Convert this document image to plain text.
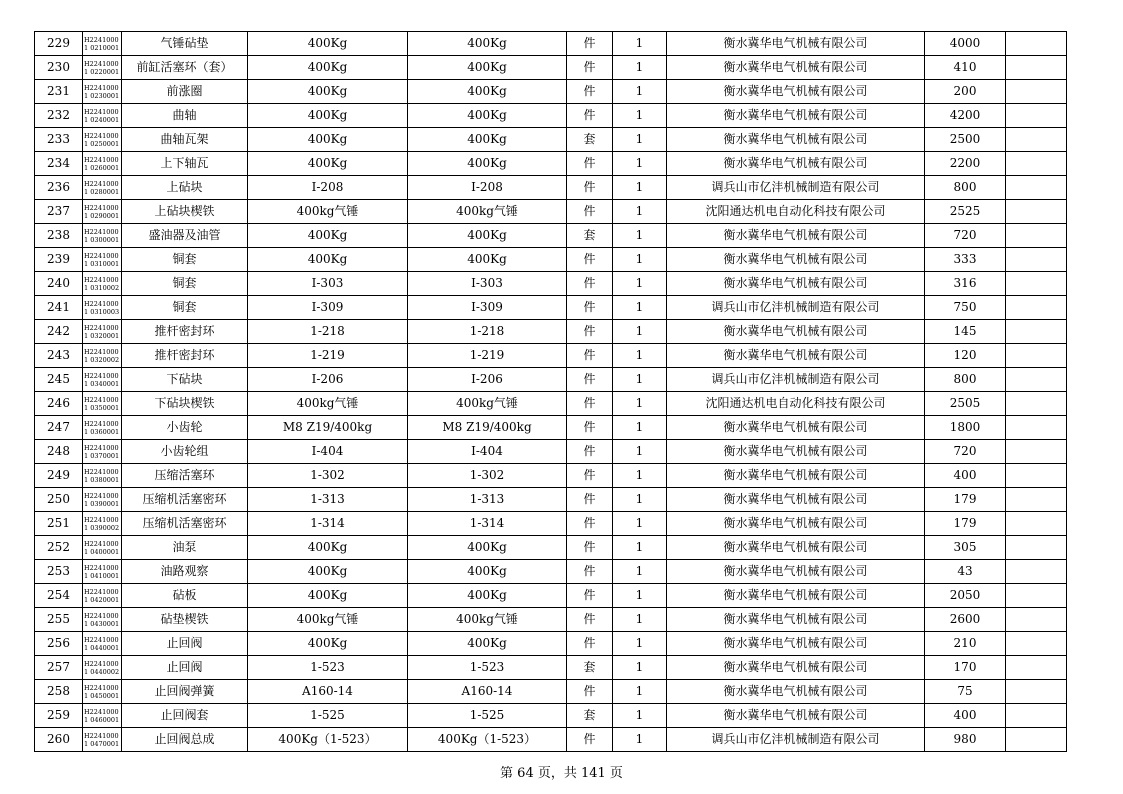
229	H22410001 0210001	气锤砧垫	400Kg	400Kg	件	1	衡水冀华电气机械有限公司	4000	
230	H22410001 0220001	前缸活塞环（套）	400Kg	400Kg	件	1	衡水冀华电气机械有限公司	410	
231	H22410001 0230001	前涨圈	400Kg	400Kg	件	1	衡水冀华电气机械有限公司	200	
232	H22410001 0240001	曲轴	400Kg	400Kg	件	1	衡水冀华电气机械有限公司	4200	
233	H22410001 0250001	曲轴瓦架	400Kg	400Kg	套	1	衡水冀华电气机械有限公司	2500	
234	H22410001 0260001	上下轴瓦	400Kg	400Kg	件	1	衡水冀华电气机械有限公司	2200	
236	H22410001 0280001	上砧块	I-208	I-208	件	1	调兵山市亿沣机械制造有限公司	800	
237	H22410001 0290001	上砧块楔铁	400kg气锤	400kg气锤	件	1	沈阳通达机电自动化科技有限公司	2525	
238	H22410001 0300001	盛油器及油管	400Kg	400Kg	套	1	衡水冀华电气机械有限公司	720	
239	H22410001 0310001	铜套	400Kg	400Kg	件	1	衡水冀华电气机械有限公司	333	
240	H22410001 0310002	铜套	I-303	I-303	件	1	衡水冀华电气机械有限公司	316	
241	H22410001 0310003	铜套	I-309	I-309	件	1	调兵山市亿沣机械制造有限公司	750	
242	H22410001 0320001	推杆密封环	1-218	1-218	件	1	衡水冀华电气机械有限公司	145	
243	H22410001 0320002	推杆密封环	1-219	1-219	件	1	衡水冀华电气机械有限公司	120	
245	H22410001 0340001	下砧块	I-206	I-206	件	1	调兵山市亿沣机械制造有限公司	800	
246	H22410001 0350001	下砧块楔铁	400kg气锤	400kg气锤	件	1	沈阳通达机电自动化科技有限公司	2505	
247	H22410001 0360001	小齿轮	M8 Z19/400kg	M8 Z19/400kg	件	1	衡水冀华电气机械有限公司	1800	
248	H22410001 0370001	小齿轮组	I-404	I-404	件	1	衡水冀华电气机械有限公司	720	
249	H22410001 0380001	压缩活塞环	1-302	1-302	件	1	衡水冀华电气机械有限公司	400	
250	H22410001 0390001	压缩机活塞密环	1-313	1-313	件	1	衡水冀华电气机械有限公司	179	
251	H22410001 0390002	压缩机活塞密环	1-314	1-314	件	1	衡水冀华电气机械有限公司	179	
252	H22410001 0400001	油泵	400Kg	400Kg	件	1	衡水冀华电气机械有限公司	305	
253	H22410001 0410001	油路观察	400Kg	400Kg	件	1	衡水冀华电气机械有限公司	43	
254	H22410001 0420001	砧板	400Kg	400Kg	件	1	衡水冀华电气机械有限公司	2050	
255	H22410001 0430001	砧垫楔铁	400kg气锤	400kg气锤	件	1	衡水冀华电气机械有限公司	2600	
256	H22410001 0440001	止回阀	400Kg	400Kg	件	1	衡水冀华电气机械有限公司	210	
257	H22410001 0440002	止回阀	1-523	1-523	套	1	衡水冀华电气机械有限公司	170	
258	H22410001 0450001	止回阀弹簧	A160-14	A160-14	件	1	衡水冀华电气机械有限公司	75	
259	H22410001 0460001	止回阀套	1-525	1-525	套	1	衡水冀华电气机械有限公司	400	
260	H22410001 0470001	止回阀总成	400Kg（1-523）	400Kg（1-523）	件	1	调兵山市亿沣机械制造有限公司	980	
第 64 页，共 141 页
